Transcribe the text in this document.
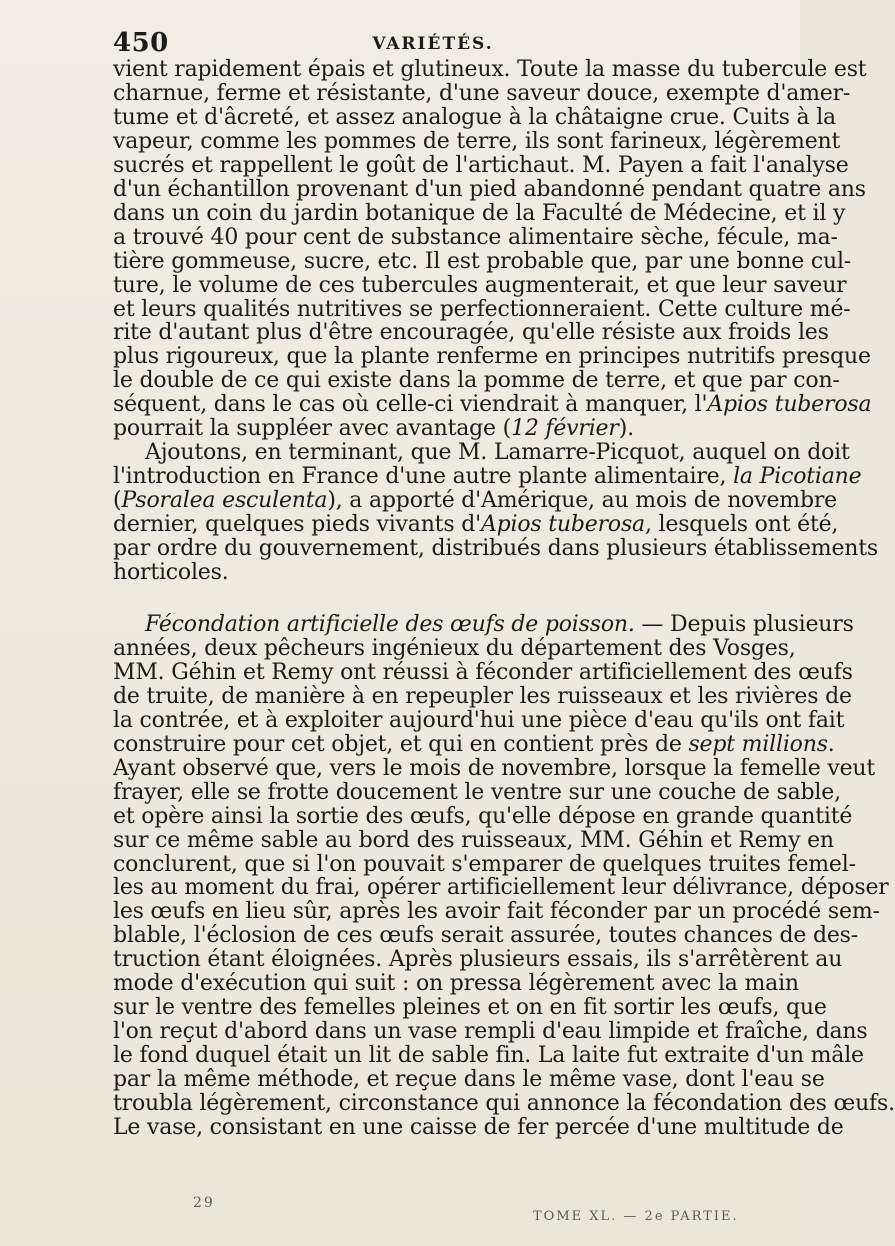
450	VARIÉTÉS.
vient rapidement épais et glutineux. Toute la masse du tubercule est
charnue, ferme et résistante, d'une saveur douce, exempte d'amer-
tume et d'âcreté, et assez analogue à la châtaigne crue. Cuits à la
vapeur, comme les pommes de terre, ils sont farineux, légèrement
sucrés et rappellent le goût de l'artichaut. M. Payen a fait l'analyse
d'un échantillon provenant d'un pied abandonné pendant quatre ans
dans un coin du jardin botanique de la Faculté de Médecine, et il y
a trouvé 40 pour cent de substance alimentaire sèche, fécule, ma-
tière gommeuse, sucre, etc. Il est probable que, par une bonne cul-
ture, le volume de ces tubercules augmenterait, et que leur saveur
et leurs qualités nutritives se perfectionneraient. Cette culture mé-
rite d'autant plus d'être encouragée, qu'elle résiste aux froids les
plus rigoureux, que la plante renferme en principes nutritifs presque
le double de ce qui existe dans la pomme de terre, et que par con-
séquent, dans le cas où celle-ci viendrait à manquer, l'Apios tuberosa
pourrait la suppléer avec avantage (12 février).
Ajoutons, en terminant, que M. Lamarre-Picquot, auquel on doit
l'introduction en France d'une autre plante alimentaire, la Picotiane
(Psoralea esculenta), a apporté d'Amérique, au mois de novembre
dernier, quelques pieds vivants d'Apios tuberosa, lesquels ont été,
par ordre du gouvernement, distribués dans plusieurs établissements
horticoles.
Fécondation artificielle des œufs de poisson. — Depuis plusieurs
années, deux pêcheurs ingénieux du département des Vosges,
MM. Géhin et Remy ont réussi à féconder artificiellement des œufs
de truite, de manière à en repeupler les ruisseaux et les rivières de
la contrée, et à exploiter aujourd'hui une pièce d'eau qu'ils ont fait
construire pour cet objet, et qui en contient près de sept millions.
Ayant observé que, vers le mois de novembre, lorsque la femelle veut
frayer, elle se frotte doucement le ventre sur une couche de sable,
et opère ainsi la sortie des œufs, qu'elle dépose en grande quantité
sur ce même sable au bord des ruisseaux, MM. Géhin et Remy en
conclurent, que si l'on pouvait s'emparer de quelques truites femel-
les au moment du frai, opérer artificiellement leur délivrance, déposer
les œufs en lieu sûr, après les avoir fait féconder par un procédé sem-
blable, l'éclosion de ces œufs serait assurée, toutes chances de des-
truction étant éloignées. Après plusieurs essais, ils s'arrêtèrent au
mode d'exécution qui suit : on pressa légèrement avec la main
sur le ventre des femelles pleines et on en fit sortir les œufs, que
l'on reçut d'abord dans un vase rempli d'eau limpide et fraîche, dans
le fond duquel était un lit de sable fin. La laite fut extraite d'un mâle
par la même méthode, et reçue dans le même vase, dont l'eau se
troubla légèrement, circonstance qui annonce la fécondation des œufs.
Le vase, consistant en une caisse de fer percée d'une multitude de
29
TOME XL. — 2e PARTIE.
